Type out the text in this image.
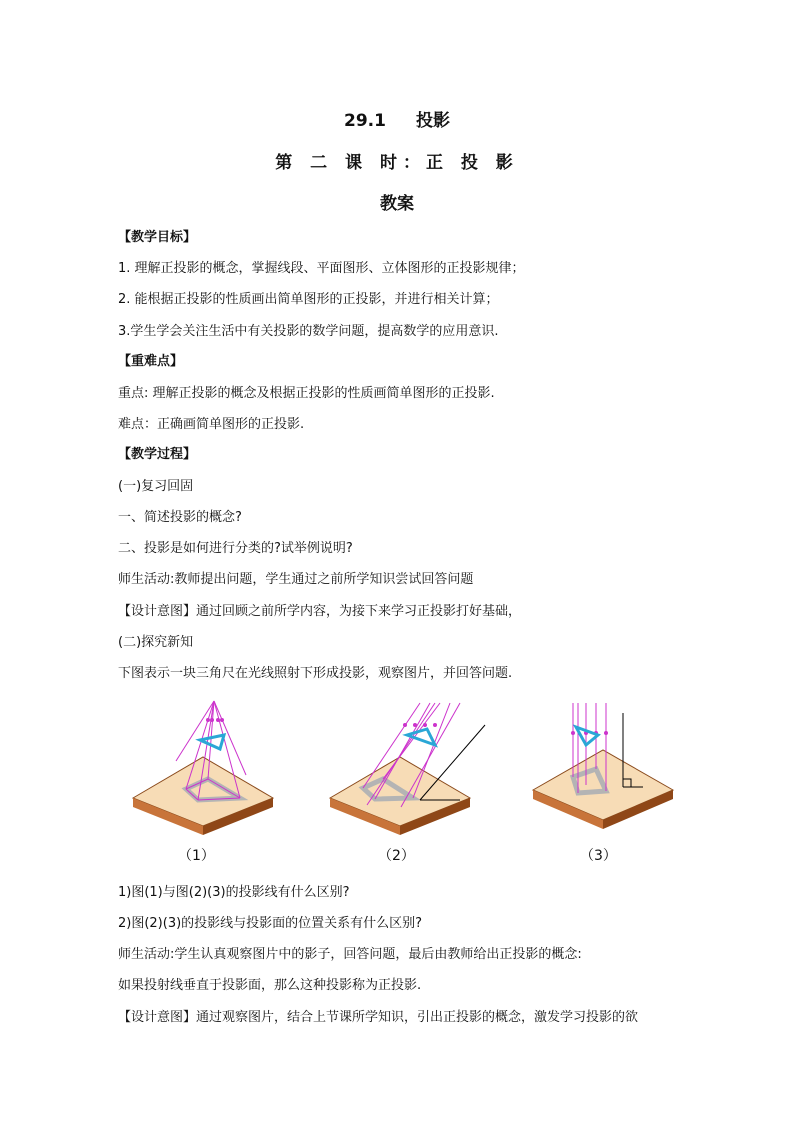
29.1 投影
第 二 课 时：正 投 影
教案
【教学目标】
1. 理解正投影的概念，掌握线段、平面图形、立体图形的正投影规律；
2. 能根据正投影的性质画出简单图形的正投影，并进行相关计算；
3.学生学会关注生活中有关投影的数学问题，提高数学的应用意识.
【重难点】
重点: 理解正投影的概念及根据正投影的性质画简单图形的正投影.
难点：正确画简单图形的正投影.
【教学过程】
(一)复习回固
一、简述投影的概念?
二、投影是如何进行分类的?试举例说明?
师生活动:教师提出问题，学生通过之前所学知识尝试回答问题
【设计意图】通过回顾之前所学内容，为接下来学习正投影打好基础，
(二)探究新知
下图表示一块三角尺在光线照射下形成投影，观察图片，并回答问题.
（1）	（2）	（3）
1)图(1)与图(2)(3)的投影线有什么区别?
2)图(2)(3)的投影线与投影面的位置关系有什么区别?
师生活动:学生认真观察图片中的影子，回答问题，最后由教师给出正投影的概念:
如果投射线垂直于投影面，那么这种投影称为正投影.
【设计意图】通过观察图片，结合上节课所学知识，引出正投影的概念，激发学习投影的欲
